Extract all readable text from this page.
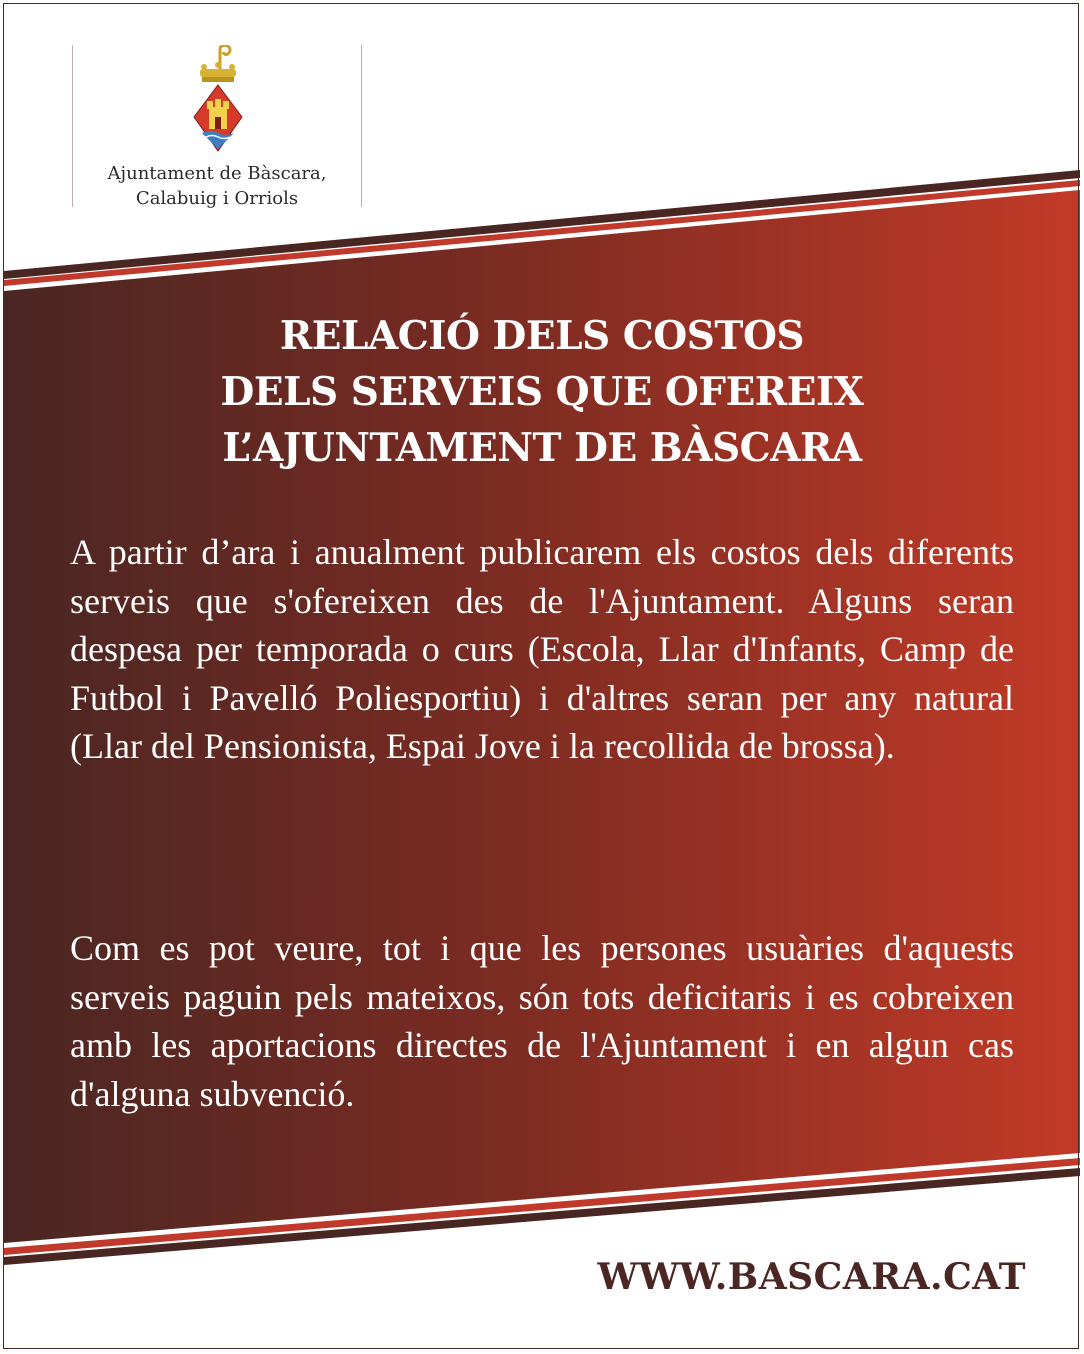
Ajuntament de Bàscara,
Calabuig i Orriols
RELACIÓ DELS COSTOS
DELS SERVEIS QUE OFEREIX
L’AJUNTAMENT DE BÀSCARA

A partir d’ara i anualment publicarem els costos dels diferents serveis que s'ofereixen des de l'Ajuntament. Alguns seran despesa per temporada o curs (Escola, Llar d'Infants, Camp de Futbol i Pavelló Poliesportiu) i d'altres seran per any natural (Llar del Pensionista, Espai Jove i la recollida de brossa).

Com es pot veure, tot i que les persones usuàries d'aquests serveis paguin pels mateixos, són tots deficitaris i es cobreixen amb les aportacions directes de l'Ajuntament i en algun cas d'alguna subvenció.

WWW.BASCARA.CAT
